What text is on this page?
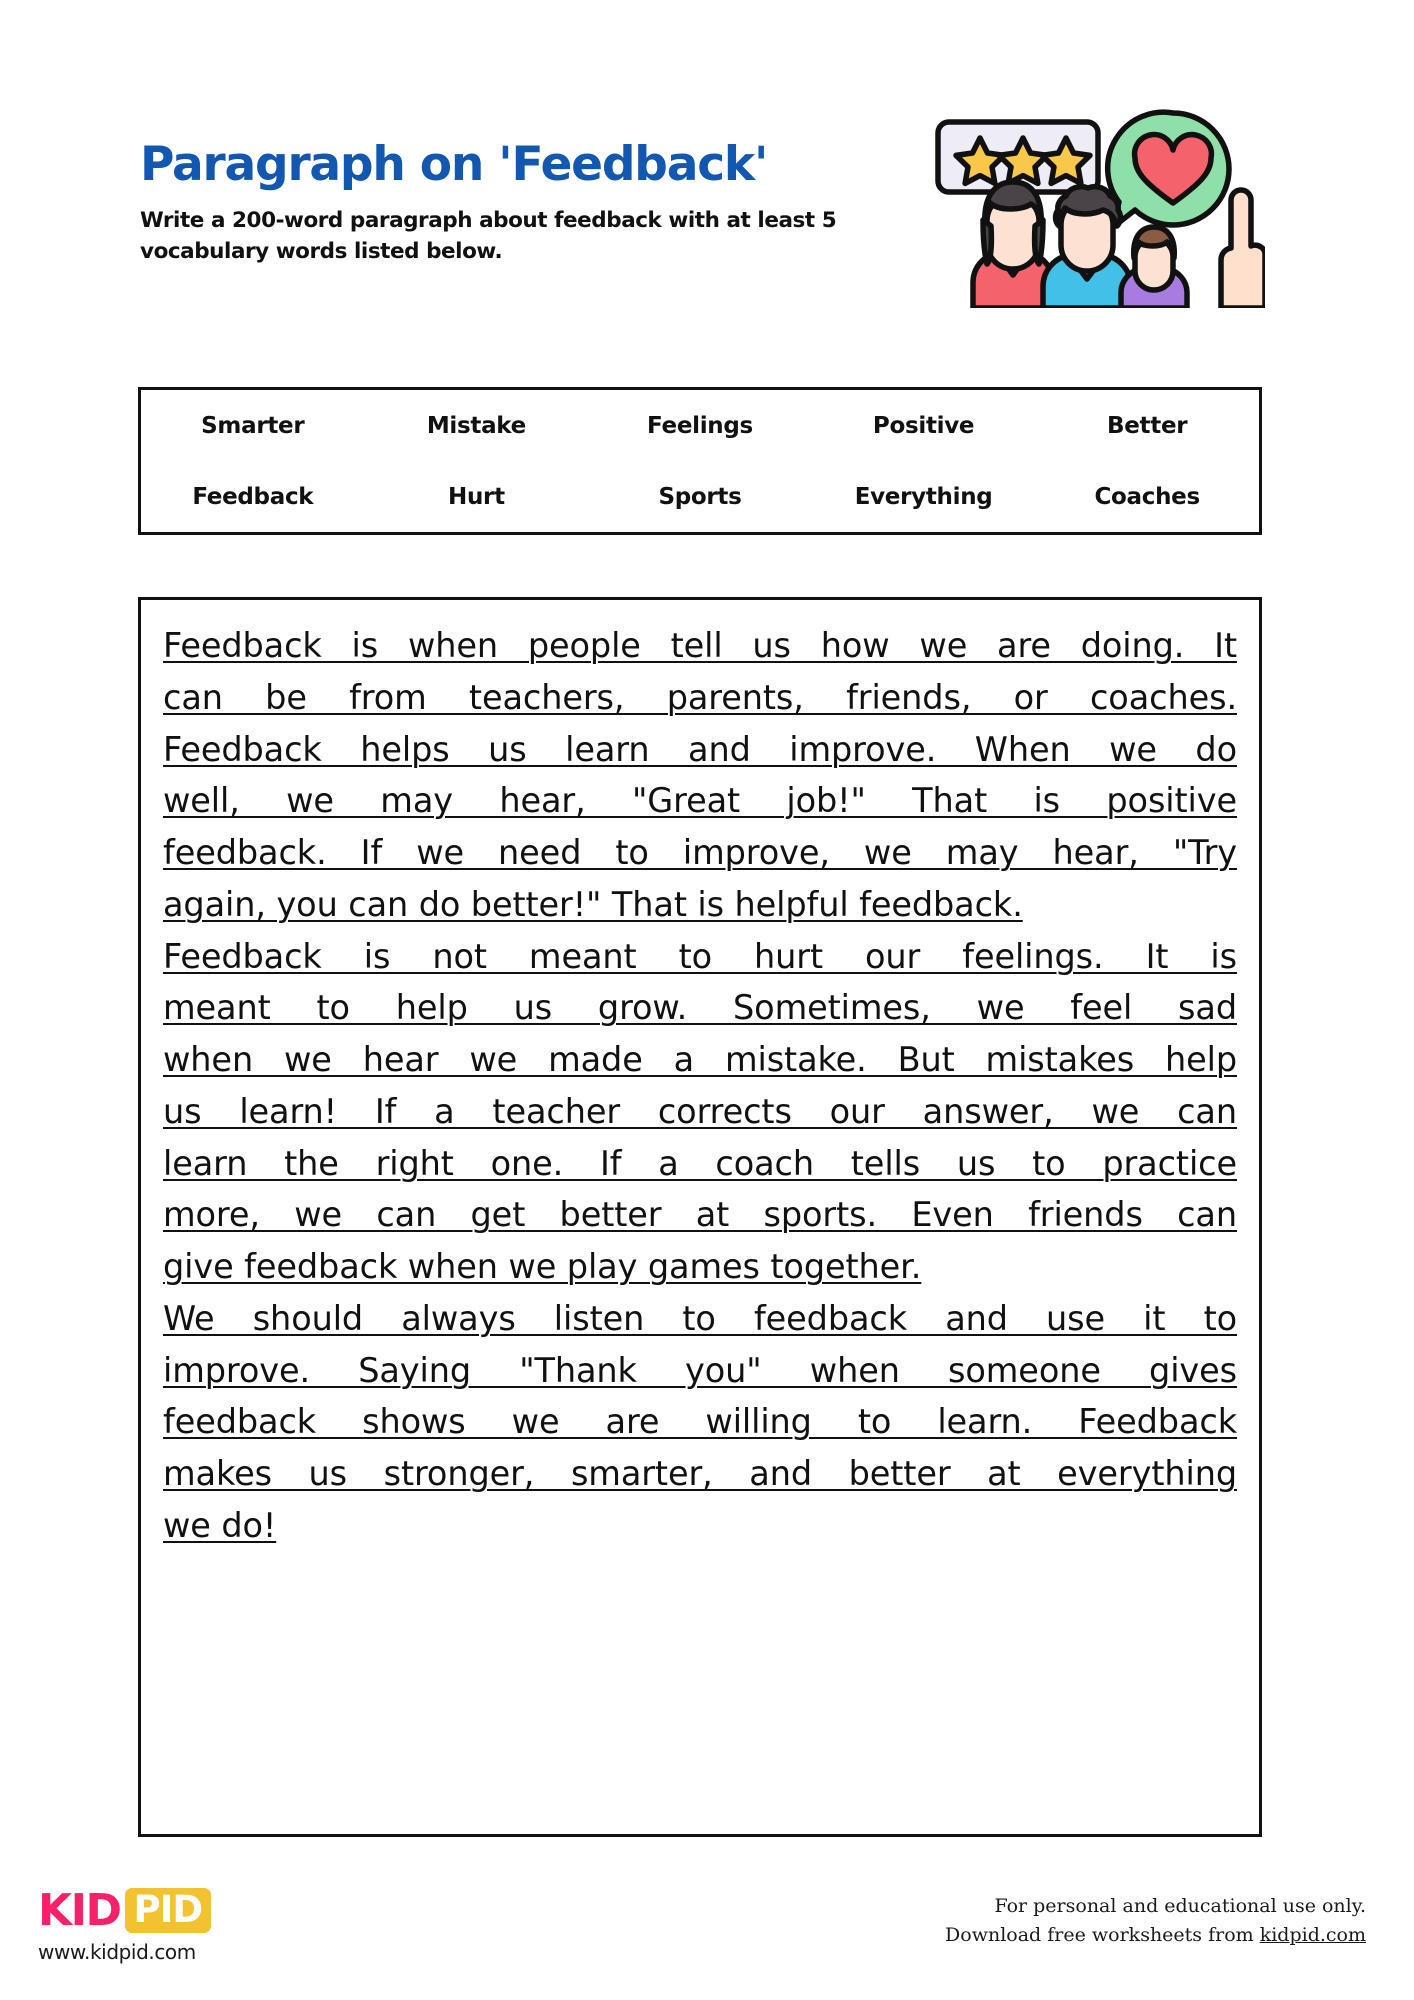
Paragraph on 'Feedback'
Write a 200-word paragraph about feedback with at least 5 vocabulary words listed below.
Smarter	Mistake	Feelings	Positive	Better
Feedback	Hurt	Sports	Everything	Coaches
Feedback is when people tell us how we are doing. It
can be from teachers, parents, friends, or coaches.
Feedback helps us learn and improve. When we do
well, we may hear, "Great job!" That is positive
feedback. If we need to improve, we may hear, "Try
again, you can do better!" That is helpful feedback.
Feedback is not meant to hurt our feelings. It is
meant to help us grow. Sometimes, we feel sad
when we hear we made a mistake. But mistakes help
us learn! If a teacher corrects our answer, we can
learn the right one. If a coach tells us to practice
more, we can get better at sports. Even friends can
give feedback when we play games together.
We should always listen to feedback and use it to
improve. Saying "Thank you" when someone gives
feedback shows we are willing to learn. Feedback
makes us stronger, smarter, and better at everything
we do!
KID PID
www.kidpid.com
For personal and educational use only.
Download free worksheets from kidpid.com
